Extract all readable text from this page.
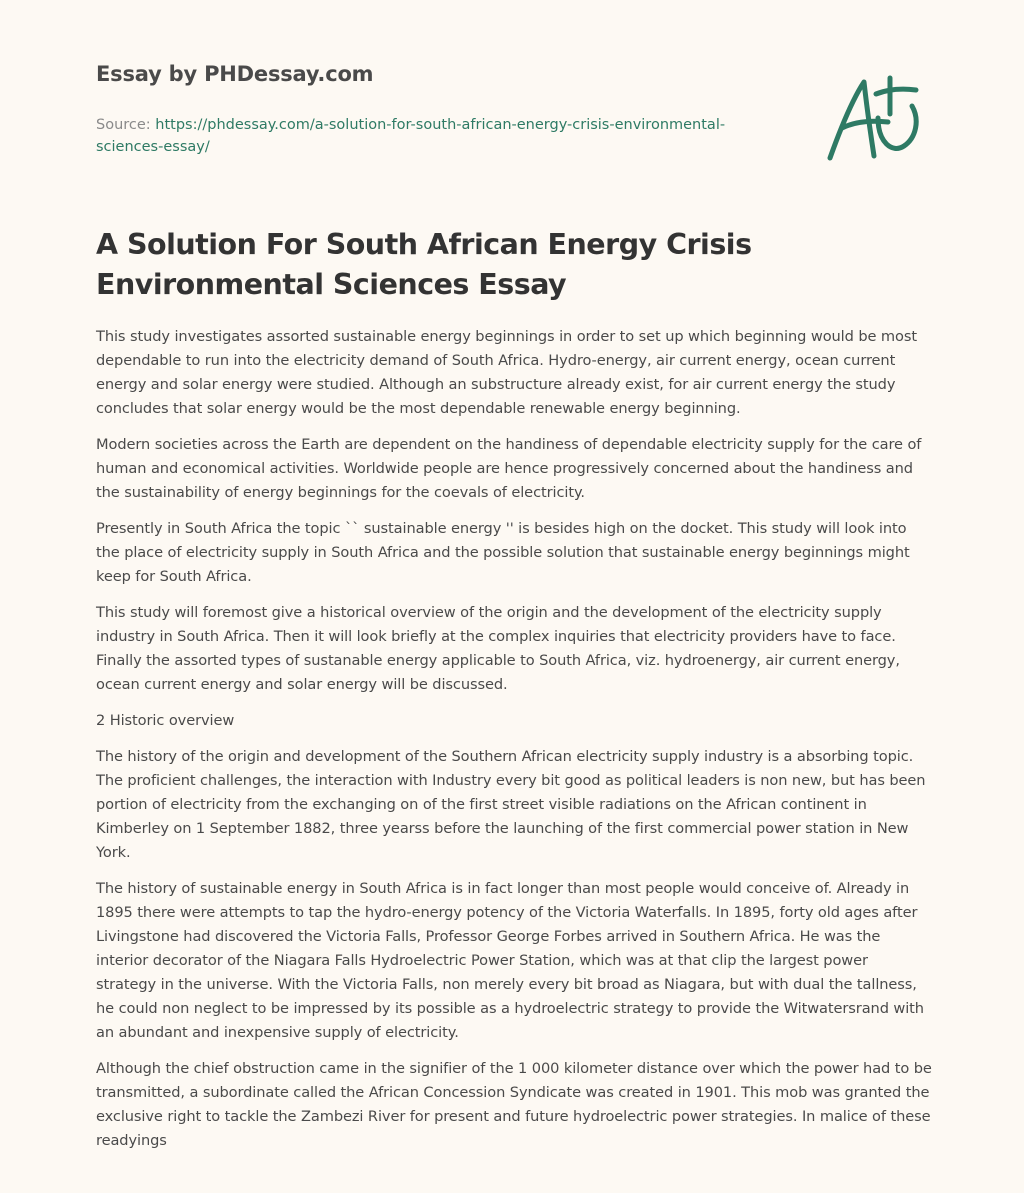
Essay by PHDessay.com
Source: https://phdessay.com/a-solution-for-south-african-energy-crisis-environmental-sciences-essay/
A Solution For South African Energy Crisis Environmental Sciences Essay

This study investigates assorted sustainable energy beginnings in order to set up which beginning would be most dependable to run into the electricity demand of South Africa. Hydro-energy, air current energy, ocean current energy and solar energy were studied. Although an substructure already exist, for air current energy the study concludes that solar energy would be the most dependable renewable energy beginning.

Modern societies across the Earth are dependent on the handiness of dependable electricity supply for the care of human and economical activities. Worldwide people are hence progressively concerned about the handiness and the sustainability of energy beginnings for the coevals of electricity.

Presently in South Africa the topic `` sustainable energy '' is besides high on the docket. This study will look into the place of electricity supply in South Africa and the possible solution that sustainable energy beginnings might keep for South Africa.

This study will foremost give a historical overview of the origin and the development of the electricity supply industry in South Africa. Then it will look briefly at the complex inquiries that electricity providers have to face. Finally the assorted types of sustanable energy applicable to South Africa, viz. hydroenergy, air current energy, ocean current energy and solar energy will be discussed.

2 Historic overview

The history of the origin and development of the Southern African electricity supply industry is a absorbing topic. The proficient challenges, the interaction with Industry every bit good as political leaders is non new, but has been portion of electricity from the exchanging on of the first street visible radiations on the African continent in Kimberley on 1 September 1882, three yearss before the launching of the first commercial power station in New York.

The history of sustainable energy in South Africa is in fact longer than most people would conceive of. Already in 1895 there were attempts to tap the hydro-energy potency of the Victoria Waterfalls. In 1895, forty old ages after Livingstone had discovered the Victoria Falls, Professor George Forbes arrived in Southern Africa. He was the interior decorator of the Niagara Falls Hydroelectric Power Station, which was at that clip the largest power strategy in the universe. With the Victoria Falls, non merely every bit broad as Niagara, but with dual the tallness, he could non neglect to be impressed by its possible as a hydroelectric strategy to provide the Witwatersrand with an abundant and inexpensive supply of electricity.

Although the chief obstruction came in the signifier of the 1 000 kilometer distance over which the power had to be transmitted, a subordinate called the African Concession Syndicate was created in 1901. This mob was granted the exclusive right to tackle the Zambezi River for present and future hydroelectric power strategies. In malice of these readyings
